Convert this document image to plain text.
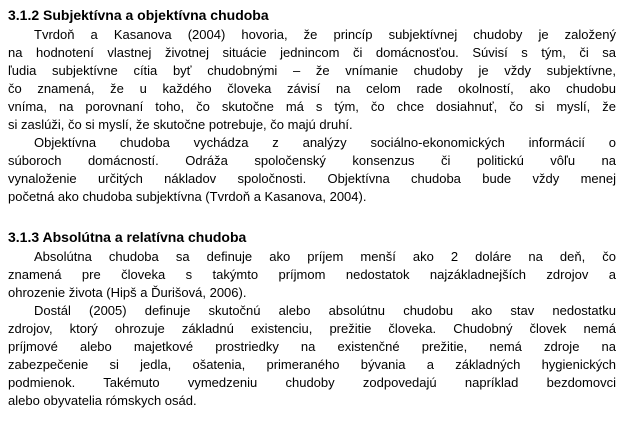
3.1.2 Subjektívna a objektívna chudoba

Tvrdoň a Kasanova (2004) hovoria, že princíp subjektívnej chudoby je založený

na hodnotení vlastnej životnej situácie jednincom či domácnosťou. Súvisí s tým, či sa

ľudia subjektívne cítia byť chudobnými – že vnímanie chudoby je vždy subjektívne,

čo znamená, že u každého človeka závisí na celom rade okolností, ako chudobu

vníma, na porovnaní toho, čo skutočne má s tým, čo chce dosiahnuť, čo si myslí, že

si zaslúži, čo si myslí, že skutočne potrebuje, čo majú druhí.

Objektívna chudoba vychádza z analýzy sociálno-ekonomických informácií o

súboroch domácností. Odráža spoločenský konsenzus či politickú vôľu na

vynaloženie určitých nákladov spoločnosti. Objektívna chudoba bude vždy menej

početná ako chudoba subjektívna (Tvrdoň a Kasanova, 2004).

3.1.3 Absolútna a relatívna chudoba

Absolútna chudoba sa definuje ako príjem menší ako 2 doláre na deň, čo

znamená pre človeka s takýmto príjmom nedostatok najzákladnejších zdrojov a

ohrozenie života (Hipš a Ďurišová, 2006).

Dostál (2005) definuje skutočnú alebo absolútnu chudobu ako stav nedostatku

zdrojov, ktorý ohrozuje základnú existenciu, prežitie človeka. Chudobný človek nemá

príjmové alebo majetkové prostriedky na existenčné prežitie, nemá zdroje na

zabezpečenie si jedla, ošatenia, primeraného bývania a základných hygienických

podmienok. Takémuto vymedzeniu chudoby zodpovedajú napríklad bezdomovci

alebo obyvatelia rómskych osád.
